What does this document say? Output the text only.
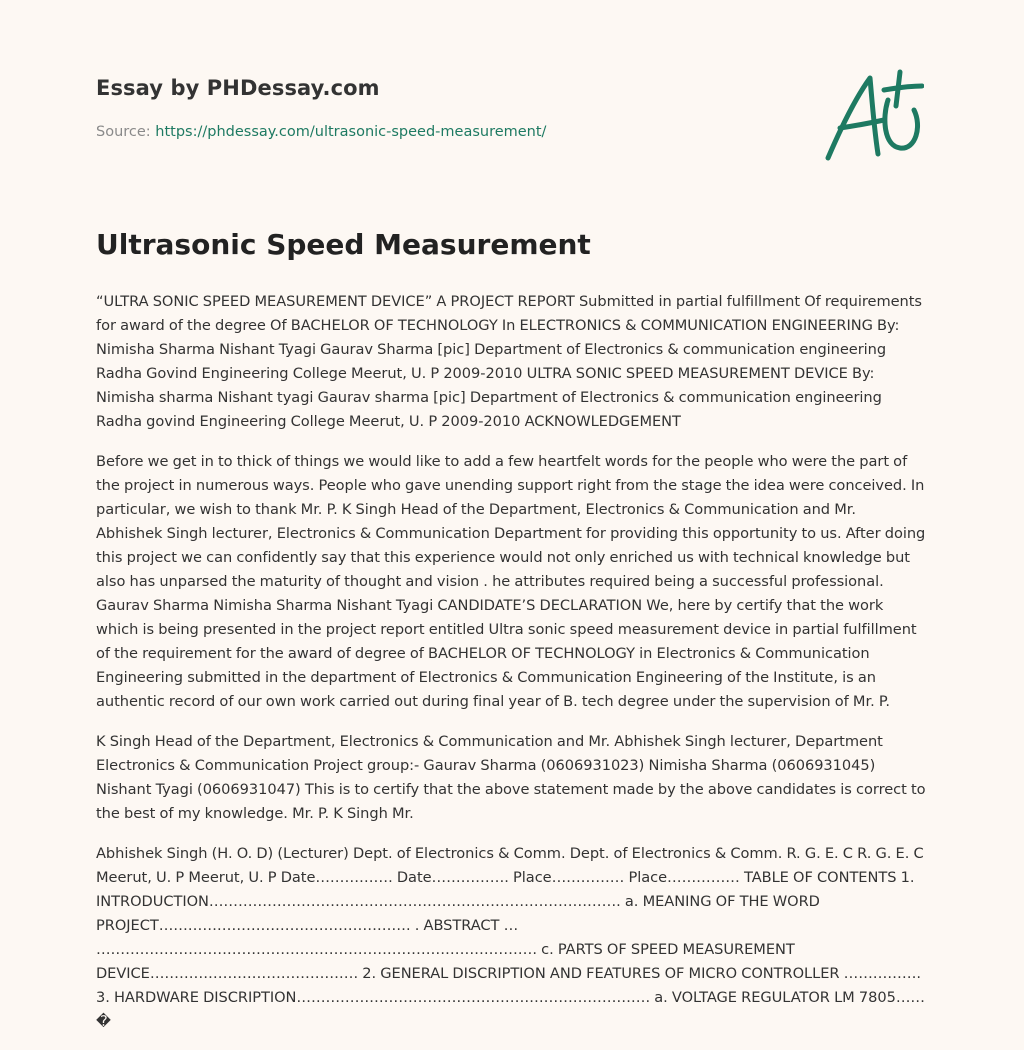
Essay by PHDessay.com
Source: https://phdessay.com/ultrasonic-speed-measurement/
Ultrasonic Speed Measurement

“ULTRA SONIC SPEED MEASUREMENT DEVICE” A PROJECT REPORT Submitted in partial fulfillment Of requirements for award of the degree Of BACHELOR OF TECHNOLOGY In ELECTRONICS & COMMUNICATION ENGINEERING By: Nimisha Sharma Nishant Tyagi Gaurav Sharma [pic] Department of Electronics & communication engineering Radha Govind Engineering College Meerut, U. P 2009-2010 ULTRA SONIC SPEED MEASUREMENT DEVICE By: Nimisha sharma Nishant tyagi Gaurav sharma [pic] Department of Electronics & communication engineering Radha govind Engineering College Meerut, U. P 2009-2010 ACKNOWLEDGEMENT

Before we get in to thick of things we would like to add a few heartfelt words for the people who were the part of the project in numerous ways. People who gave unending support right from the stage the idea were conceived. In particular, we wish to thank Mr. P. K Singh Head of the Department, Electronics & Communication and Mr. Abhishek Singh lecturer, Electronics & Communication Department for providing this opportunity to us. After doing this project we can confidently say that this experience would not only enriched us with technical knowledge but also has unparsed the maturity of thought and vision . he attributes required being a successful professional. Gaurav Sharma Nimisha Sharma Nishant Tyagi CANDIDATE’S DECLARATION We, here by certify that the work which is being presented in the project report entitled Ultra sonic speed measurement device in partial fulfillment of the requirement for the award of degree of BACHELOR OF TECHNOLOGY in Electronics & Communication Engineering submitted in the department of Electronics & Communication Engineering of the Institute, is an authentic record of our own work carried out during final year of B. tech degree under the supervision of Mr. P.

K Singh Head of the Department, Electronics & Communication and Mr. Abhishek Singh lecturer, Department Electronics & Communication Project group:- Gaurav Sharma (0606931023) Nimisha Sharma (0606931045) Nishant Tyagi (0606931047) This is to certify that the above statement made by the above candidates is correct to the best of my knowledge. Mr. P. K Singh Mr.

Abhishek Singh (H. O. D) (Lecturer) Dept. of Electronics & Comm. Dept. of Electronics & Comm. R. G. E. C R. G. E. C Meerut, U. P Meerut, U. P Date……………. Date……………. Place…………… Place…………… TABLE OF CONTENTS 1. INTRODUCTION…………………………………………………………………………. a. MEANING OF THE WORD PROJECT……………………………………………. . ABSTRACT … ………………………………………………………………………………. c. PARTS OF SPEED MEASUREMENT DEVICE……………………………………. 2. GENERAL DISCRIPTION AND FEATURES OF MICRO CONTROLLER ……………. 3. HARDWARE DISCRIPTION………………………………………………………………. a. VOLTAGE REGULATOR LM 7805……�
